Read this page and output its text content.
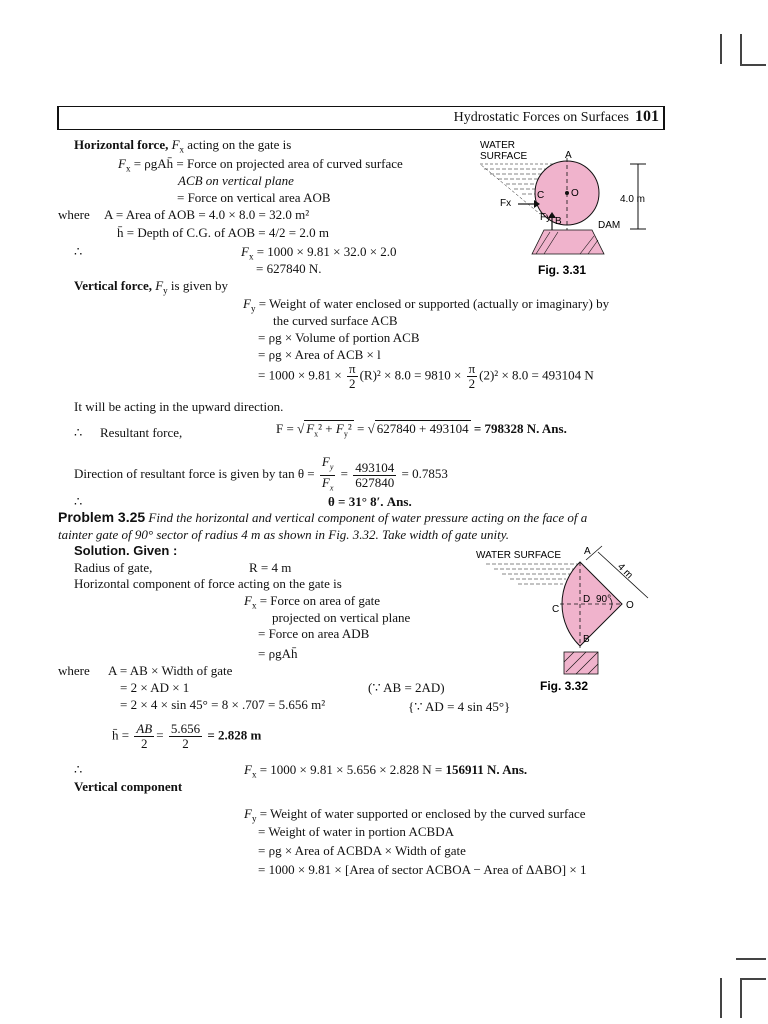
Hydrostatic Forces on Surfaces 101
Horizontal force, $F_x$ acting on the gate is
$F_x$ = ρgAh̄ = Force on projected area of curved surface
ACB on vertical plane
= Force on vertical area AOB
where A = Area of AOB = 4.0 × 8.0 = 32.0 m²
h̄ = Depth of C.G. of AOB = 4/2 = 2.0 m
∴	$F_x = 1000 \times 9.81 \times 32.0 \times 2.0$
= 627840 N.
Vertical force, $F_y$ is given by
$F_y$ = Weight of water enclosed or supported (actually or imaginary) by
the curved surface ACB
= ρg × Volume of portion ACB
= ρg × Area of ACB × l
= $1000 \times 9.81 \times \frac{\pi}{2} (R)^2 \times 8.0 = 9810 \times \frac{\pi}{2} (2)^2 \times 8.0 = 493104$ N
It will be acting in the upward direction.
∴ Resultant force,	F = √ $F_x^2 + F_y^2$ = √ 627840 + 493104 = 798328 N. Ans.
Direction of resultant force is given by $\tan \theta = \frac{F_y}{F_x} = \frac{493104}{627840} = 0.7853$
∴	θ = 31° 8′. Ans.
WATER
SURFACE	A
C	O
B
Fx
Fy
DAM
4.0 m
Fig. 3.31
Problem 3.25 Find the horizontal and vertical component of water pressure acting on the face of a
tainter gate of 90° sector of radius 4 m as shown in Fig. 3.32. Take width of gate unity.
Solution. Given :
Radius of gate,	R = 4 m
Horizontal component of force acting on the gate is
$F_x$ = Force on area of gate
projected on vertical plane
= Force on area ADB
= ρgAh̄
where A = AB × Width of gate
= 2 × AD × 1	(∵ AB = 2AD)
= 2 × 4 × sin 45° = 8 × .707 = 5.656 m²	{∵ AD = 4 sin 45°}
h̄ = $\frac{AB}{2} = \frac{5.656}{2} = 2.828$ m
∴	$F_x = 1000 \times 9.81 \times 5.656 \times 2.828$ N = 156911 N. Ans.
Vertical component
$F_y$ = Weight of water supported or enclosed by the curved surface
= Weight of water in portion ACBDA
= ρg × Area of ACBDA × Width of gate
= 1000 × 9.81 × [Area of sector ACBOA − Area of ΔABO] × 1
WATER SURFACE A
C
D 90°
O
B
4 m
Fig. 3.32
